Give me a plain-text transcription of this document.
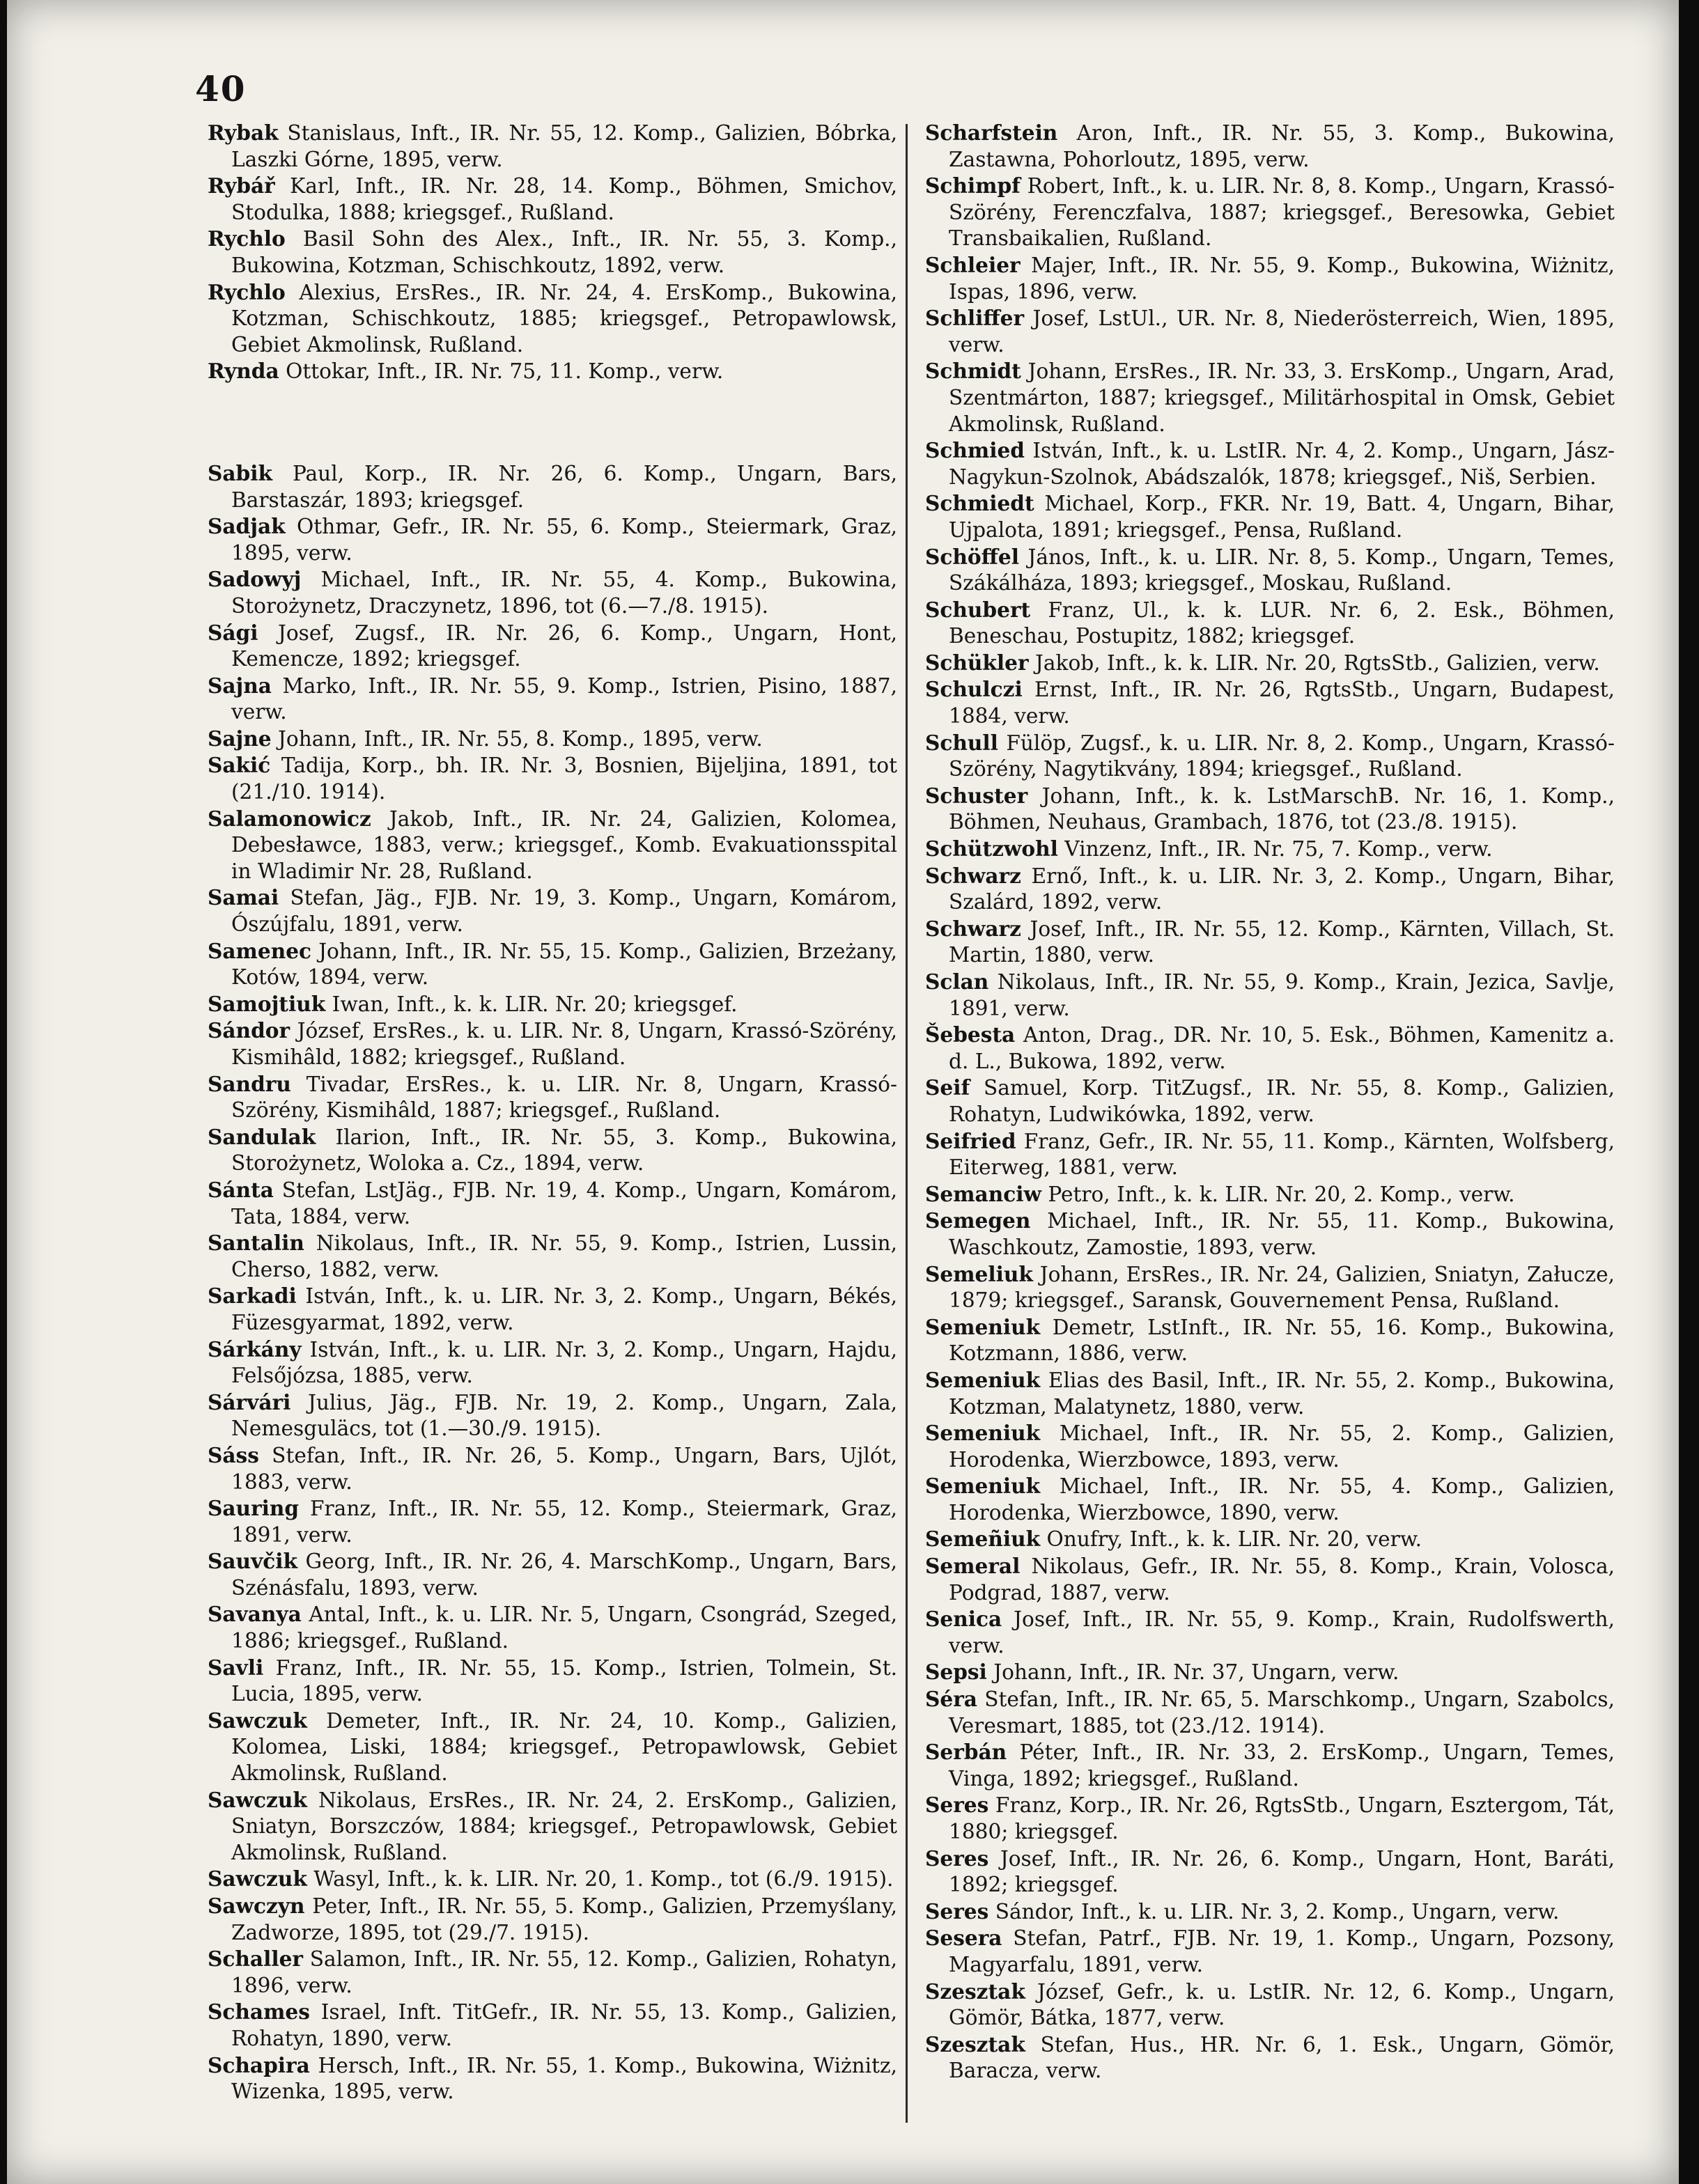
40

Rybak Stanislaus, Inft., IR. Nr. 55, 12. Komp., Galizien, Bóbrka, Laszki Górne, 1895, verw.

Rybář Karl, Inft., IR. Nr. 28, 14. Komp., Böhmen, Smichov, Stodulka, 1888; kriegsgef., Rußland.

Rychlo Basil Sohn des Alex., Inft., IR. Nr. 55, 3. Komp., Bukowina, Kotzman, Schischkoutz, 1892, verw.

Rychlo Alexius, ErsRes., IR. Nr. 24, 4. ErsKomp., Bukowina, Kotzman, Schischkoutz, 1885; kriegsgef., Petropawlowsk, Gebiet Akmolinsk, Rußland.

Rynda Ottokar, Inft., IR. Nr. 75, 11. Komp., verw.

Sabik Paul, Korp., IR. Nr. 26, 6. Komp., Ungarn, Bars, Barstaszár, 1893; kriegsgef.

Sadjak Othmar, Gefr., IR. Nr. 55, 6. Komp., Steiermark, Graz, 1895, verw.

Sadowyj Michael, Inft., IR. Nr. 55, 4. Komp., Bukowina, Storożynetz, Draczynetz, 1896, tot (6.—7./8. 1915).

Sági Josef, Zugsf., IR. Nr. 26, 6. Komp., Ungarn, Hont, Kemencze, 1892; kriegsgef.

Sajna Marko, Inft., IR. Nr. 55, 9. Komp., Istrien, Pisino, 1887, verw.

Sajne Johann, Inft., IR. Nr. 55, 8. Komp., 1895, verw.

Sakić Tadija, Korp., bh. IR. Nr. 3, Bosnien, Bijeljina, 1891, tot (21./10. 1914).

Salamonowicz Jakob, Inft., IR. Nr. 24, Galizien, Kolomea, Debesławce, 1883, verw.; kriegsgef., Komb. Evakuationsspital in Wladimir Nr. 28, Rußland.

Samai Stefan, Jäg., FJB. Nr. 19, 3. Komp., Ungarn, Komárom, Ószújfalu, 1891, verw.

Samenec Johann, Inft., IR. Nr. 55, 15. Komp., Galizien, Brzeżany, Kotów, 1894, verw.

Samojtiuk Iwan, Inft., k. k. LIR. Nr. 20; kriegsgef.

Sándor József, ErsRes., k. u. LIR. Nr. 8, Ungarn, Krassó-Szörény, Kismihâld, 1882; kriegsgef., Rußland.

Sandru Tivadar, ErsRes., k. u. LIR. Nr. 8, Ungarn, Krassó-Szörény, Kismihâld, 1887; kriegsgef., Rußland.

Sandulak Ilarion, Inft., IR. Nr. 55, 3. Komp., Bukowina, Storożynetz, Woloka a. Cz., 1894, verw.

Sánta Stefan, LstJäg., FJB. Nr. 19, 4. Komp., Ungarn, Komárom, Tata, 1884, verw.

Santalin Nikolaus, Inft., IR. Nr. 55, 9. Komp., Istrien, Lussin, Cherso, 1882, verw.

Sarkadi István, Inft., k. u. LIR. Nr. 3, 2. Komp., Ungarn, Békés, Füzesgyarmat, 1892, verw.

Sárkány István, Inft., k. u. LIR. Nr. 3, 2. Komp., Ungarn, Hajdu, Felsőjózsa, 1885, verw.

Sárvári Julius, Jäg., FJB. Nr. 19, 2. Komp., Ungarn, Zala, Nemesguläcs, tot (1.—30./9. 1915).

Sáss Stefan, Inft., IR. Nr. 26, 5. Komp., Ungarn, Bars, Ujlót, 1883, verw.

Sauring Franz, Inft., IR. Nr. 55, 12. Komp., Steiermark, Graz, 1891, verw.

Sauvčik Georg, Inft., IR. Nr. 26, 4. MarschKomp., Ungarn, Bars, Szénásfalu, 1893, verw.

Savanya Antal, Inft., k. u. LIR. Nr. 5, Ungarn, Csongrád, Szeged, 1886; kriegsgef., Rußland.

Savli Franz, Inft., IR. Nr. 55, 15. Komp., Istrien, Tolmein, St. Lucia, 1895, verw.

Sawczuk Demeter, Inft., IR. Nr. 24, 10. Komp., Galizien, Kolomea, Liski, 1884; kriegsgef., Petropawlowsk, Gebiet Akmolinsk, Rußland.

Sawczuk Nikolaus, ErsRes., IR. Nr. 24, 2. ErsKomp., Galizien, Sniatyn, Borszczów, 1884; kriegsgef., Petropawlowsk, Gebiet Akmolinsk, Rußland.

Sawczuk Wasyl, Inft., k. k. LIR. Nr. 20, 1. Komp., tot (6./9. 1915).

Sawczyn Peter, Inft., IR. Nr. 55, 5. Komp., Galizien, Przemyślany, Zadworze, 1895, tot (29./7. 1915).

Schaller Salamon, Inft., IR. Nr. 55, 12. Komp., Galizien, Rohatyn, 1896, verw.

Schames Israel, Inft. TitGefr., IR. Nr. 55, 13. Komp., Galizien, Rohatyn, 1890, verw.

Schapira Hersch, Inft., IR. Nr. 55, 1. Komp., Bukowina, Wiżnitz, Wizenka, 1895, verw.

Scharfstein Aron, Inft., IR. Nr. 55, 3. Komp., Bukowina, Zastawna, Pohorloutz, 1895, verw.

Schimpf Robert, Inft., k. u. LIR. Nr. 8, 8. Komp., Ungarn, Krassó-Szörény, Ferenczfalva, 1887; kriegsgef., Beresowka, Gebiet Transbaikalien, Rußland.

Schleier Majer, Inft., IR. Nr. 55, 9. Komp., Bukowina, Wiżnitz, Ispas, 1896, verw.

Schliffer Josef, LstUl., UR. Nr. 8, Niederösterreich, Wien, 1895, verw.

Schmidt Johann, ErsRes., IR. Nr. 33, 3. ErsKomp., Ungarn, Arad, Szentmárton, 1887; kriegsgef., Militärhospital in Omsk, Gebiet Akmolinsk, Rußland.

Schmied István, Inft., k. u. LstIR. Nr. 4, 2. Komp., Ungarn, Jász-Nagykun-Szolnok, Abádszalók, 1878; kriegsgef., Niš, Serbien.

Schmiedt Michael, Korp., FKR. Nr. 19, Batt. 4, Ungarn, Bihar, Ujpalota, 1891; kriegsgef., Pensa, Rußland.

Schöffel János, Inft., k. u. LIR. Nr. 8, 5. Komp., Ungarn, Temes, Szákálháza, 1893; kriegsgef., Moskau, Rußland.

Schubert Franz, Ul., k. k. LUR. Nr. 6, 2. Esk., Böhmen, Beneschau, Postupitz, 1882; kriegsgef.

Schükler Jakob, Inft., k. k. LIR. Nr. 20, RgtsStb., Galizien, verw.

Schulczi Ernst, Inft., IR. Nr. 26, RgtsStb., Ungarn, Budapest, 1884, verw.

Schull Fülöp, Zugsf., k. u. LIR. Nr. 8, 2. Komp., Ungarn, Krassó-Szörény, Nagytikvány, 1894; kriegsgef., Rußland.

Schuster Johann, Inft., k. k. LstMarschB. Nr. 16, 1. Komp., Böhmen, Neuhaus, Grambach, 1876, tot (23./8. 1915).

Schützwohl Vinzenz, Inft., IR. Nr. 75, 7. Komp., verw.

Schwarz Ernő, Inft., k. u. LIR. Nr. 3, 2. Komp., Ungarn, Bihar, Szalárd, 1892, verw.

Schwarz Josef, Inft., IR. Nr. 55, 12. Komp., Kärnten, Villach, St. Martin, 1880, verw.

Sclan Nikolaus, Inft., IR. Nr. 55, 9. Komp., Krain, Jezica, Savlje, 1891, verw.

Šebesta Anton, Drag., DR. Nr. 10, 5. Esk., Böhmen, Kamenitz a. d. L., Bukowa, 1892, verw.

Seif Samuel, Korp. TitZugsf., IR. Nr. 55, 8. Komp., Galizien, Rohatyn, Ludwikówka, 1892, verw.

Seifried Franz, Gefr., IR. Nr. 55, 11. Komp., Kärnten, Wolfsberg, Eiterweg, 1881, verw.

Semanciw Petro, Inft., k. k. LIR. Nr. 20, 2. Komp., verw.

Semegen Michael, Inft., IR. Nr. 55, 11. Komp., Bukowina, Waschkoutz, Zamostie, 1893, verw.

Semeliuk Johann, ErsRes., IR. Nr. 24, Galizien, Sniatyn, Załucze, 1879; kriegsgef., Saransk, Gouvernement Pensa, Rußland.

Semeniuk Demetr, LstInft., IR. Nr. 55, 16. Komp., Bukowina, Kotzmann, 1886, verw.

Semeniuk Elias des Basil, Inft., IR. Nr. 55, 2. Komp., Bukowina, Kotzman, Malatynetz, 1880, verw.

Semeniuk Michael, Inft., IR. Nr. 55, 2. Komp., Galizien, Horodenka, Wierzbowce, 1893, verw.

Semeniuk Michael, Inft., IR. Nr. 55, 4. Komp., Galizien, Horodenka, Wierzbowce, 1890, verw.

Semeñiuk Onufry, Inft., k. k. LIR. Nr. 20, verw.

Semeral Nikolaus, Gefr., IR. Nr. 55, 8. Komp., Krain, Volosca, Podgrad, 1887, verw.

Senica Josef, Inft., IR. Nr. 55, 9. Komp., Krain, Rudolfswerth, verw.

Sepsi Johann, Inft., IR. Nr. 37, Ungarn, verw.

Séra Stefan, Inft., IR. Nr. 65, 5. Marschkomp., Ungarn, Szabolcs, Veresmart, 1885, tot (23./12. 1914).

Serbán Péter, Inft., IR. Nr. 33, 2. ErsKomp., Ungarn, Temes, Vinga, 1892; kriegsgef., Rußland.

Seres Franz, Korp., IR. Nr. 26, RgtsStb., Ungarn, Esztergom, Tát, 1880; kriegsgef.

Seres Josef, Inft., IR. Nr. 26, 6. Komp., Ungarn, Hont, Baráti, 1892; kriegsgef.

Seres Sándor, Inft., k. u. LIR. Nr. 3, 2. Komp., Ungarn, verw.

Sesera Stefan, Patrf., FJB. Nr. 19, 1. Komp., Ungarn, Pozsony, Magyarfalu, 1891, verw.

Szesztak József, Gefr., k. u. LstIR. Nr. 12, 6. Komp., Ungarn, Gömör, Bátka, 1877, verw.

Szesztak Stefan, Hus., HR. Nr. 6, 1. Esk., Ungarn, Gömör, Baracza, verw.
